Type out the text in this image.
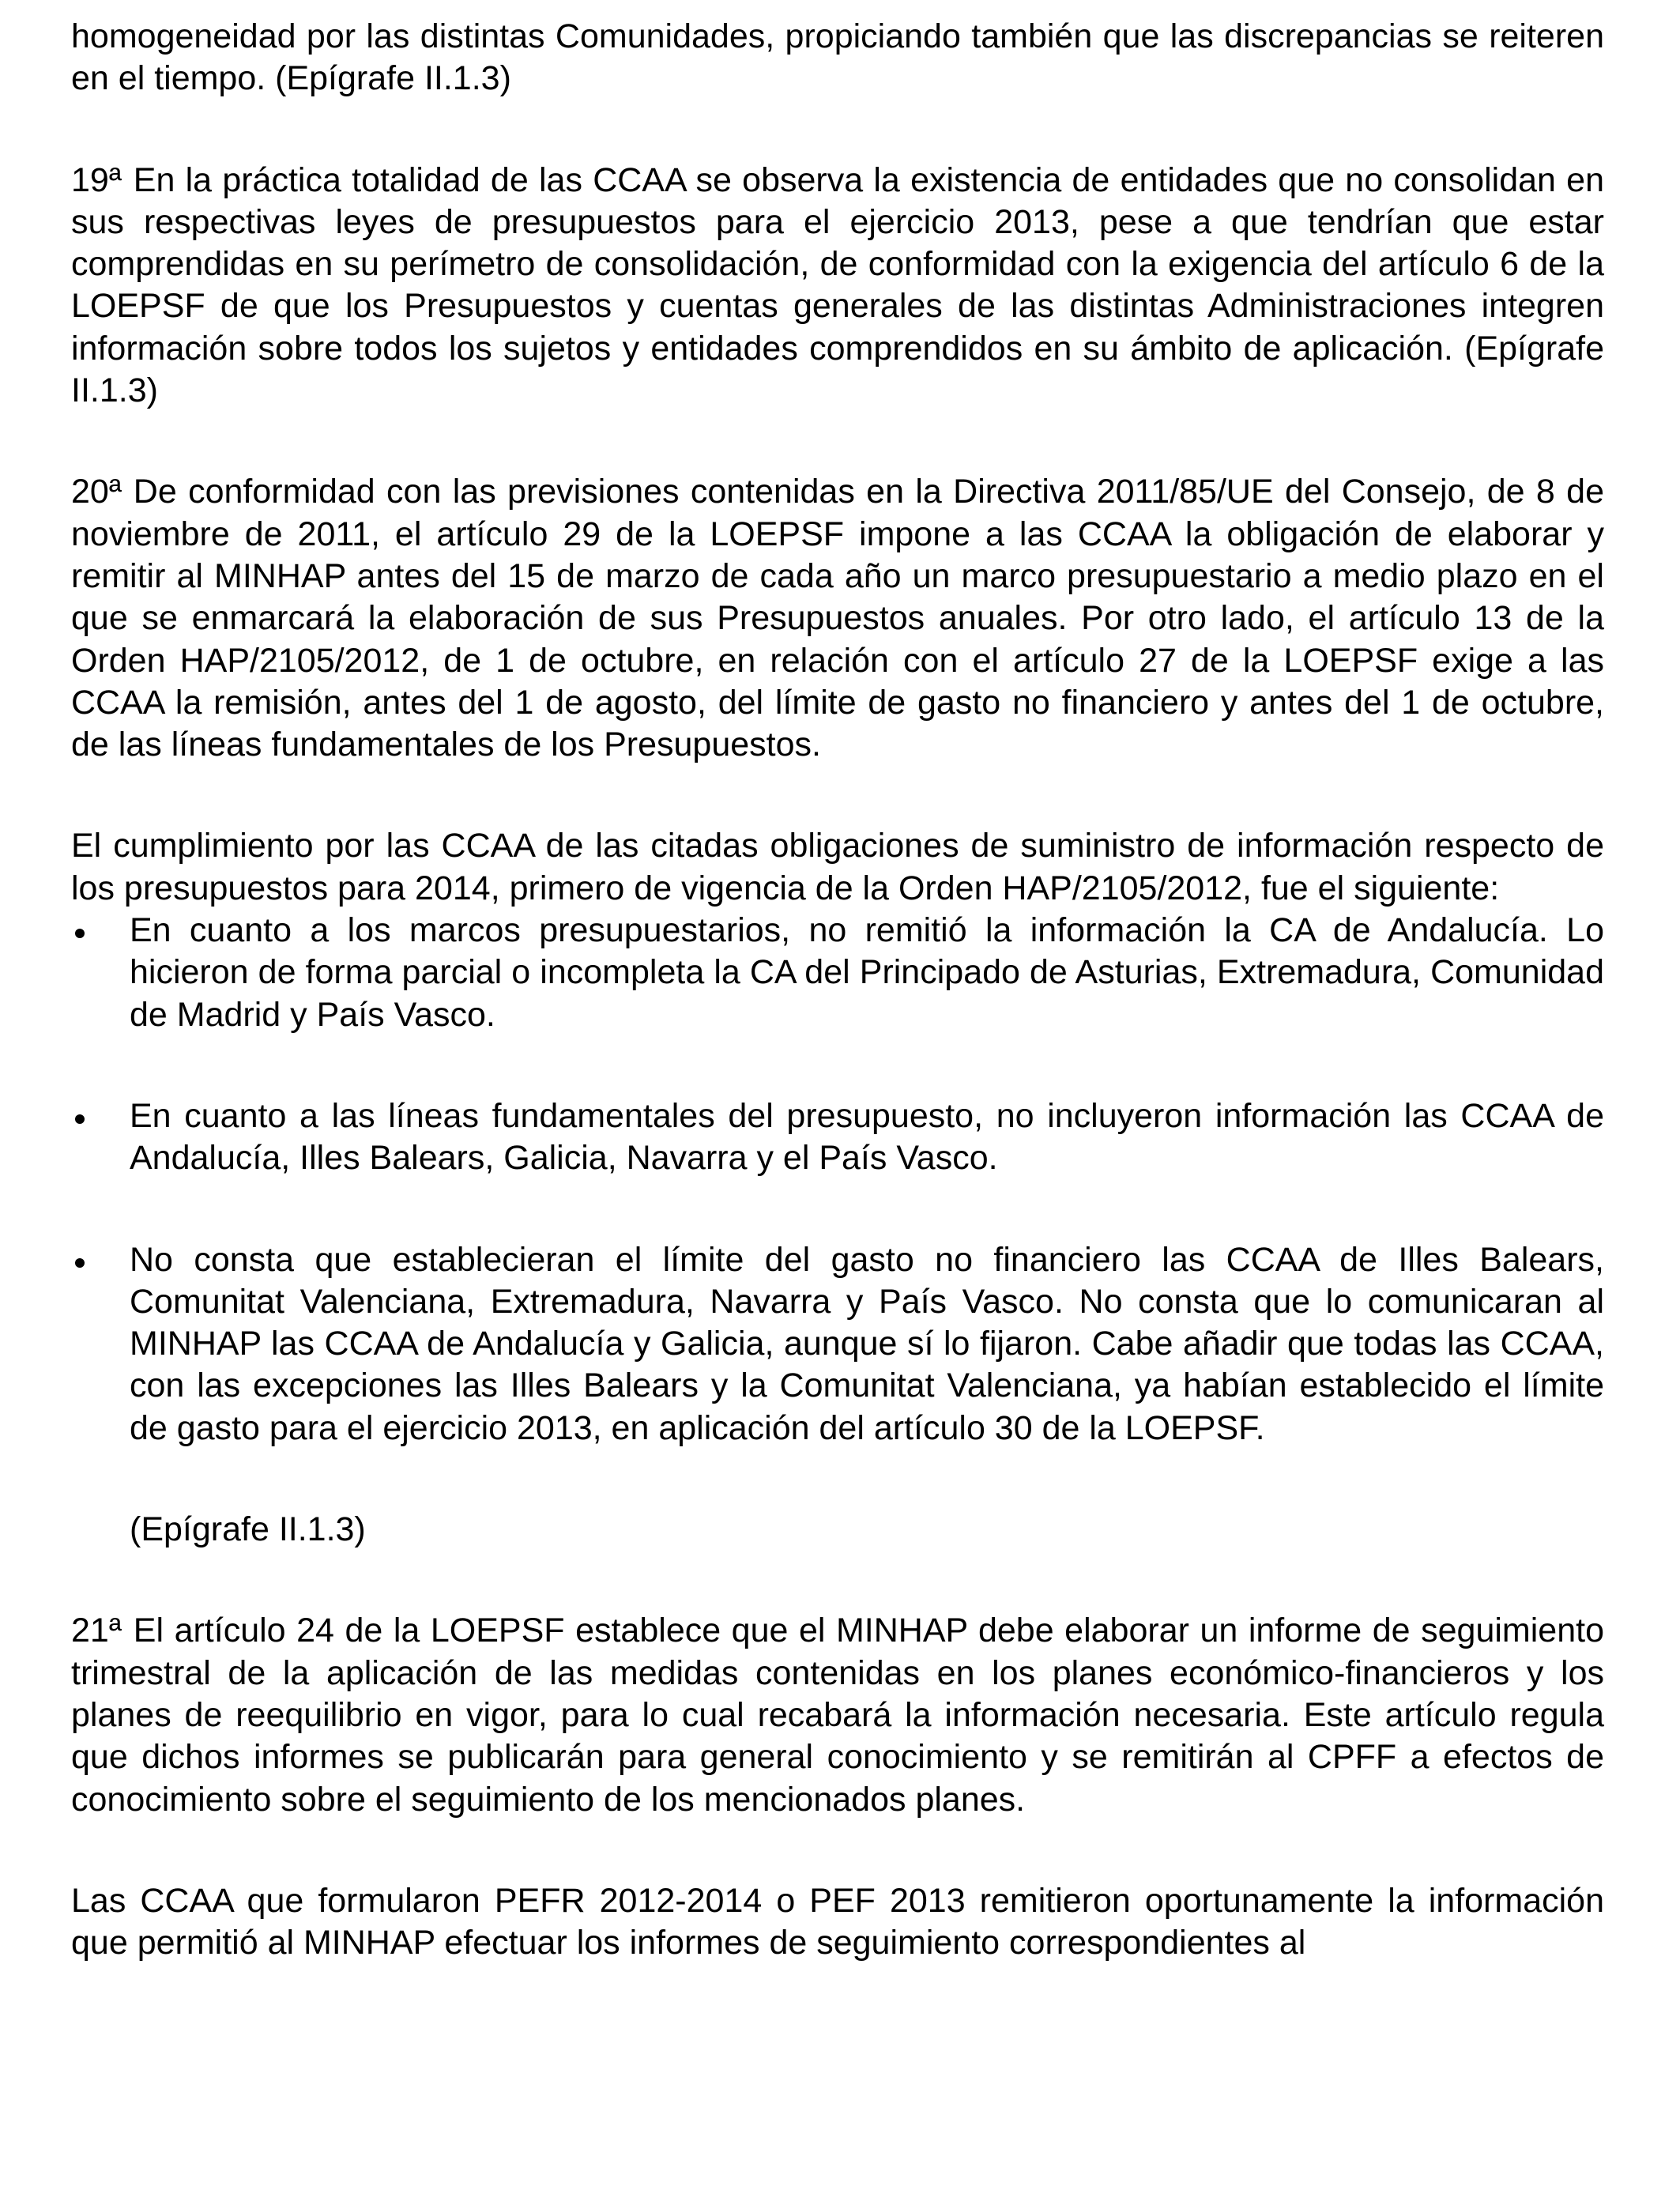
homogeneidad por las distintas Comunidades, propiciando también que las discrepancias se reiteren en el tiempo. (Epígrafe II.1.3)

19ª En la práctica totalidad de las CCAA se observa la existencia de entidades que no consolidan en sus respectivas leyes de presupuestos para el ejercicio 2013, pese a que tendrían que estar comprendidas en su perímetro de consolidación, de conformidad con la exigencia del artículo 6 de la LOEPSF de que los Presupuestos y cuentas generales de las distintas Administraciones integren información sobre todos los sujetos y entidades comprendidos en su ámbito de aplicación. (Epígrafe II.1.3)

20ª De conformidad con las previsiones contenidas en la Directiva 2011/85/UE del Consejo, de 8 de noviembre de 2011, el artículo 29 de la LOEPSF impone a las CCAA la obligación de elaborar y remitir al MINHAP antes del 15 de marzo de cada año un marco presupuestario a medio plazo en el que se enmarcará la elaboración de sus Presupuestos anuales. Por otro lado, el artículo 13 de la Orden HAP/2105/2012, de 1 de octubre, en relación con el artículo 27 de la LOEPSF exige a las CCAA la remisión, antes del 1 de agosto, del límite de gasto no financiero y antes del 1 de octubre, de las líneas fundamentales de los Presupuestos.

El cumplimiento por las CCAA de las citadas obligaciones de suministro de información respecto de los presupuestos para 2014, primero de vigencia de la Orden HAP/2105/2012, fue el siguiente:

En cuanto a los marcos presupuestarios, no remitió la información la CA de Andalucía. Lo hicieron de forma parcial o incompleta la CA del Principado de Asturias, Extremadura, Comunidad de Madrid y País Vasco.
En cuanto a las líneas fundamentales del presupuesto, no incluyeron información las CCAA de Andalucía, Illes Balears, Galicia, Navarra y el País Vasco.
No consta que establecieran el límite del gasto no financiero las CCAA de Illes Balears, Comunitat Valenciana, Extremadura, Navarra y País Vasco. No consta que lo comunicaran al MINHAP las CCAA de Andalucía y Galicia, aunque sí lo fijaron. Cabe añadir que todas las CCAA, con las excepciones las Illes Balears y la Comunitat Valenciana, ya habían establecido el límite de gasto para el ejercicio 2013, en aplicación del artículo 30 de la LOEPSF.

(Epígrafe II.1.3)

21ª El artículo 24 de la LOEPSF establece que el MINHAP debe elaborar un informe de seguimiento trimestral de la aplicación de las medidas contenidas en los planes económico-financieros y los planes de reequilibrio en vigor, para lo cual recabará la información necesaria. Este artículo regula que dichos informes se publicarán para general conocimiento y se remitirán al CPFF a efectos de conocimiento sobre el seguimiento de los mencionados planes.

Las CCAA que formularon PEFR 2012-2014 o PEF 2013 remitieron oportunamente la información que permitió al MINHAP efectuar los informes de seguimiento correspondientes al
